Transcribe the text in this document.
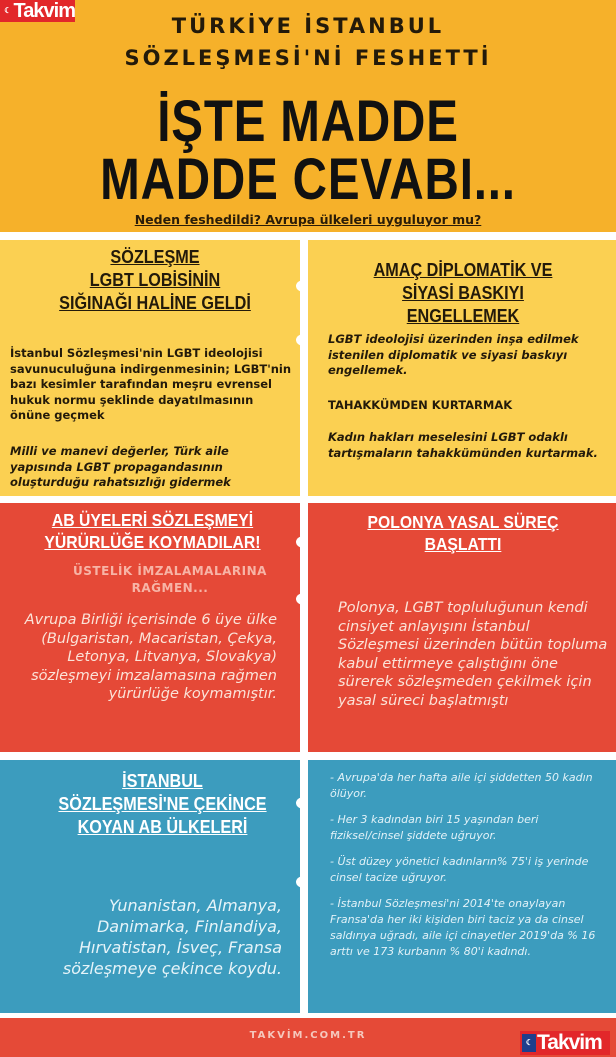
☾ Takvim
TÜRKİYE İSTANBUL
SÖZLEŞMESİ'Nİ FESHETTİ
İŞTE MADDE
MADDE CEVABI...
Neden feshedildi? Avrupa ülkeleri uyguluyor mu?
SÖZLEŞME
LGBT LOBİSİNİN
SIĞINAĞI HALİNE GELDİ
İstanbul Sözleşmesi'nin LGBT ideolojisi savunuculuğuna indirgenmesinin; LGBT'nin bazı kesimler tarafından meşru evrensel hukuk normu şeklinde dayatılmasının önüne geçmek
Milli ve manevi değerler, Türk aile yapısında LGBT propagandasının oluşturduğu rahatsızlığı gidermek
AMAÇ DİPLOMATİK VE
SİYASİ BASKIYI
ENGELLEMEK
LGBT ideolojisi üzerinden inşa edilmek istenilen diplomatik ve siyasi baskıyı engellemek.
TAHAKKÜMDEN KURTARMAK
Kadın hakları meselesini LGBT odaklı tartışmaların tahakkümünden kurtarmak.
AB ÜYELERİ SÖZLEŞMEYİ
YÜRÜRLÜĞE KOYMADILAR!
ÜSTELİK İMZALAMALARINA RAĞMEN...
Avrupa Birliği içerisinde 6 üye ülke (Bulgaristan, Macaristan, Çekya, Letonya, Litvanya, Slovakya) sözleşmeyi imzalamasına rağmen yürürlüğe koymamıştır.
POLONYA YASAL SÜREÇ
BAŞLATTI
Polonya, LGBT topluluğunun kendi cinsiyet anlayışını İstanbul Sözleşmesi üzerinden bütün topluma kabul ettirmeye çalıştığını öne sürerek sözleşmeden çekilmek için yasal süreci başlatmıştı
İSTANBUL
SÖZLEŞMESİ'NE ÇEKİNCE
KOYAN AB ÜLKELERİ
Yunanistan, Almanya, Danimarka, Finlandiya, Hırvatistan, İsveç, Fransa sözleşmeye çekince koydu.
- Avrupa'da her hafta aile içi şiddetten 50 kadın ölüyor.
- Her 3 kadından biri 15 yaşından beri fiziksel/cinsel şiddete uğruyor.
- Üst düzey yönetici kadınların% 75'i iş yerinde cinsel tacize uğruyor.
- İstanbul Sözleşmesi'ni 2014'te onaylayan Fransa'da her iki kişiden biri taciz ya da cinsel saldırıya uğradı, aile içi cinayetler 2019'da % 16 arttı ve 173 kurbanın % 80'i kadındı.
TAKVİM.COM.TR
☾ Takvim
